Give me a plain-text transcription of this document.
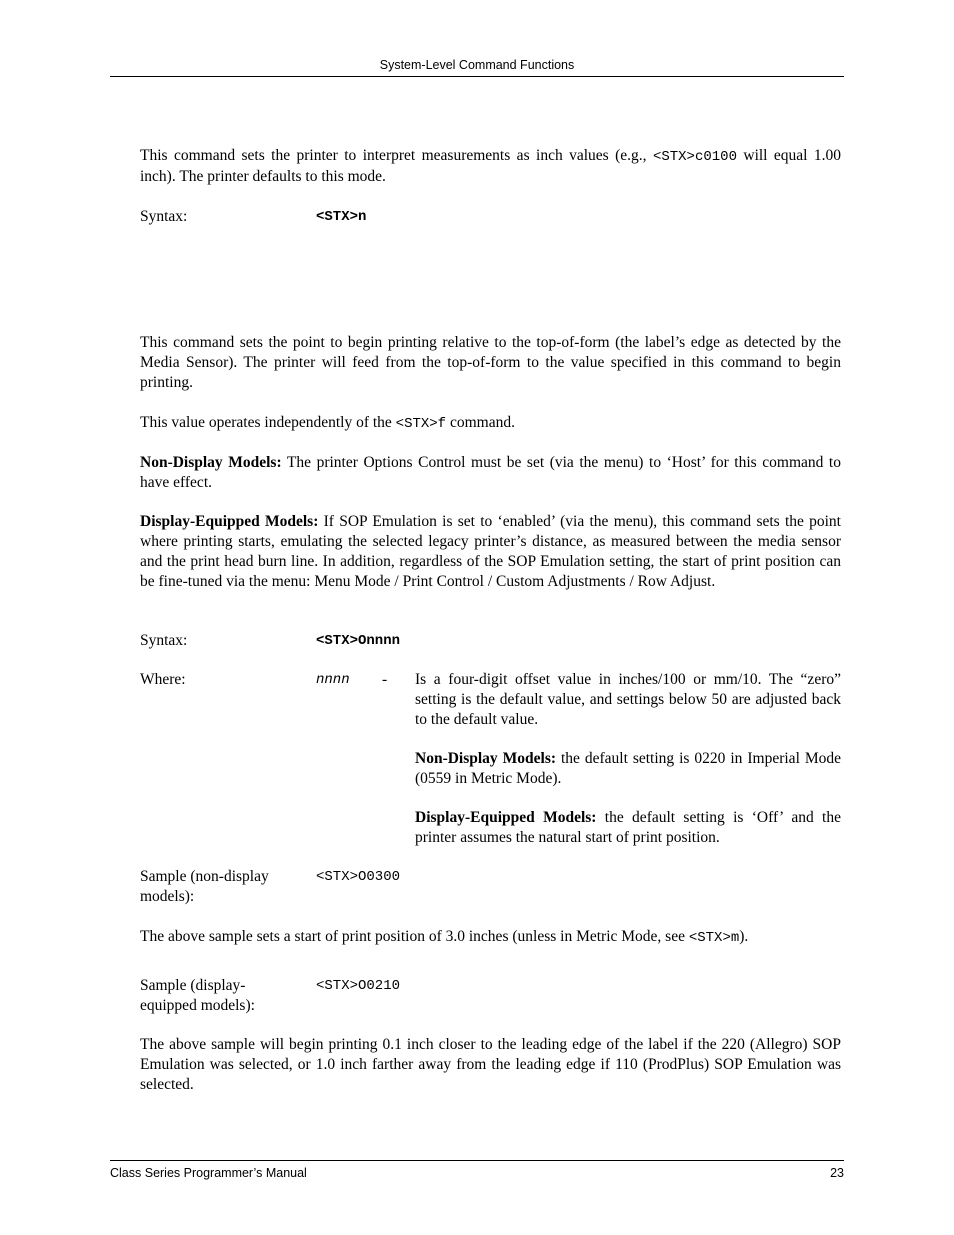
System-Level Command Functions
This command sets the printer to interpret measurements as inch values (e.g., <STX>c0100 will equal 1.00 inch). The printer defaults to this mode.
Syntax:	<STX>n
This command sets the point to begin printing relative to the top-of-form (the label’s edge as detected by the Media Sensor). The printer will feed from the top-of-form to the value specified in this command to begin printing.
This value operates independently of the <STX>f command.
Non-Display Models: The printer Options Control must be set (via the menu) to ‘Host’ for this command to have effect.
Display-Equipped Models: If SOP Emulation is set to ‘enabled’ (via the menu), this command sets the point where printing starts, emulating the selected legacy printer’s distance, as measured between the media sensor and the print head burn line. In addition, regardless of the SOP Emulation setting, the start of print position can be fine-tuned via the menu: Menu Mode / Print Control / Custom Adjustments / Row Adjust.
Syntax:	<STX>Onnnn
Where:	nnnn - Is a four-digit offset value in inches/100 or mm/10. The “zero” setting is the default value, and settings below 50 are adjusted back to the default value.
Non-Display Models: the default setting is 0220 in Imperial Mode (0559 in Metric Mode).
Display-Equipped Models: the default setting is ‘Off’ and the printer assumes the natural start of print position.
Sample (non-display models):
<STX>O0300
The above sample sets a start of print position of 3.0 inches (unless in Metric Mode, see <STX>m).
Sample (display-equipped models):
<STX>O0210
The above sample will begin printing 0.1 inch closer to the leading edge of the label if the 220 (Allegro) SOP Emulation was selected, or 1.0 inch farther away from the leading edge if 110 (ProdPlus) SOP Emulation was selected.
Class Series Programmer’s Manual	23
